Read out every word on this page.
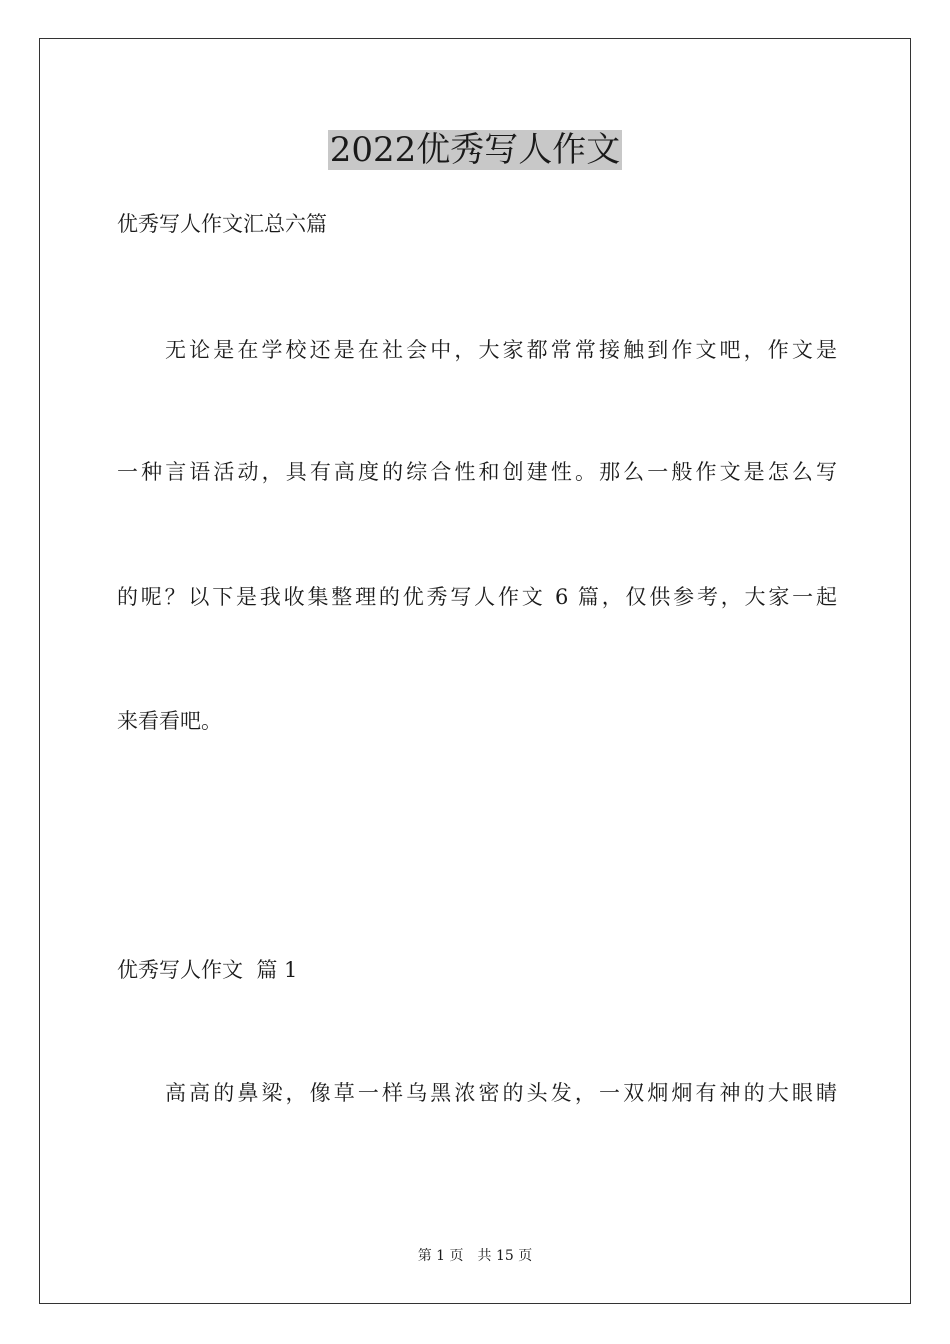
2022优秀写人作文
优秀写人作文汇总六篇
无论是在学校还是在社会中，大家都常常接触到作文吧，作文是
一种言语活动，具有高度的综合性和创建性。那么一般作文是怎么写
的呢？以下是我收集整理的优秀写人作文 6 篇，仅供参考，大家一起
来看看吧。
优秀写人作文  篇 1
高高的鼻梁，像草一样乌黑浓密的头发，一双炯炯有神的大眼睛
第 1 页 共 15 页
